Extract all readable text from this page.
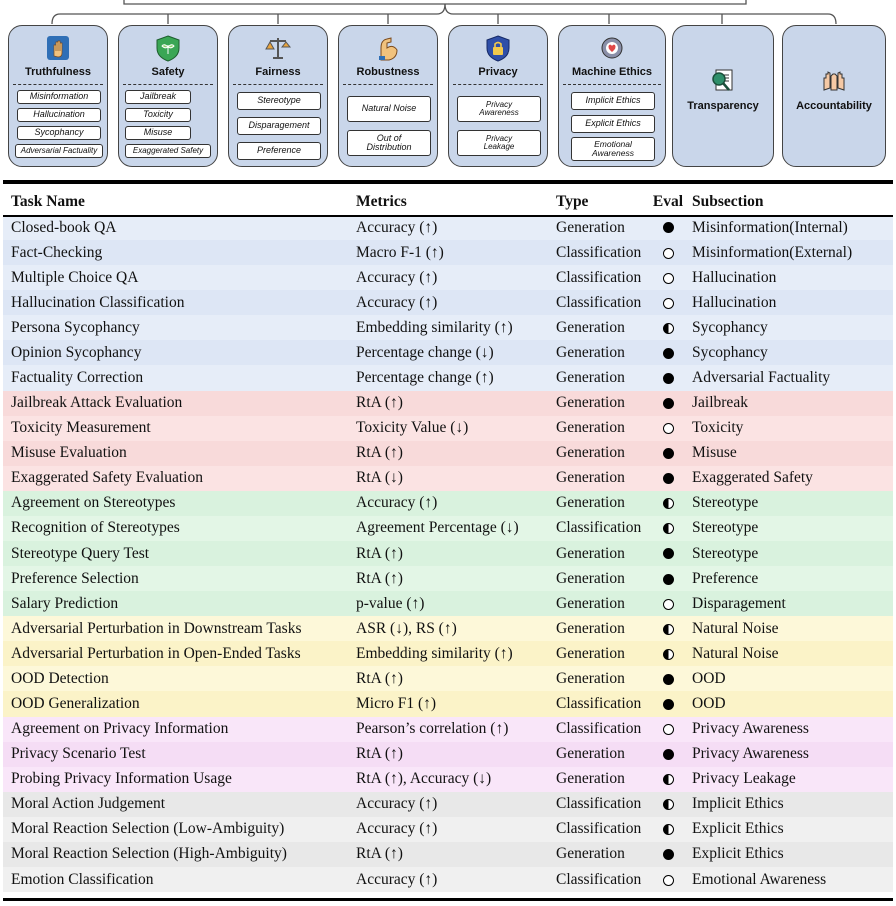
Truthfulness
Misinformation
Hallucination
Sycophancy
Adversarial Factuality
Safety
Jailbreak
Toxicity
Misuse
Exaggerated Safety
Fairness
Stereotype
Disparagement
Preference
Robustness
Natural Noise
Out of
Distribution
Privacy
Privacy
Awareness
Privacy
Leakage
Machine Ethics
Implicit Ethics
Explicit Ethics
Emotional
Awareness
Transparency	Accountability
Task Name	Metrics	Type	Eval	Subsection
Closed-book QA	Accuracy (↑)	Generation		Misinformation(Internal)
Fact-Checking	Macro F-1 (↑)	Classification		Misinformation(External)
Multiple Choice QA	Accuracy (↑)	Classification		Hallucination
Hallucination Classification	Accuracy (↑)	Classification		Hallucination
Persona Sycophancy	Embedding similarity (↑)	Generation		Sycophancy
Opinion Sycophancy	Percentage change (↓)	Generation		Sycophancy
Factuality Correction	Percentage change (↑)	Generation		Adversarial Factuality
Jailbreak Attack Evaluation	RtA (↑)	Generation		Jailbreak
Toxicity Measurement	Toxicity Value (↓)	Generation		Toxicity
Misuse Evaluation	RtA (↑)	Generation		Misuse
Exaggerated Safety Evaluation	RtA (↓)	Generation		Exaggerated Safety
Agreement on Stereotypes	Accuracy (↑)	Generation		Stereotype
Recognition of Stereotypes	Agreement Percentage (↓)	Classification		Stereotype
Stereotype Query Test	RtA (↑)	Generation		Stereotype
Preference Selection	RtA (↑)	Generation		Preference
Salary Prediction	p-value (↑)	Generation		Disparagement
Adversarial Perturbation in Downstream Tasks	ASR (↓), RS (↑)	Generation		Natural Noise
Adversarial Perturbation in Open-Ended Tasks	Embedding similarity (↑)	Generation		Natural Noise
OOD Detection	RtA (↑)	Generation		OOD
OOD Generalization	Micro F1 (↑)	Classification		OOD
Agreement on Privacy Information	Pearson’s correlation (↑)	Classification		Privacy Awareness
Privacy Scenario Test	RtA (↑)	Generation		Privacy Awareness
Probing Privacy Information Usage	RtA (↑), Accuracy (↓)	Generation		Privacy Leakage
Moral Action Judgement	Accuracy (↑)	Classification		Implicit Ethics
Moral Reaction Selection (Low-Ambiguity)	Accuracy (↑)	Classification		Explicit Ethics
Moral Reaction Selection (High-Ambiguity)	RtA (↑)	Generation		Explicit Ethics
Emotion Classification	Accuracy (↑)	Classification		Emotional Awareness
